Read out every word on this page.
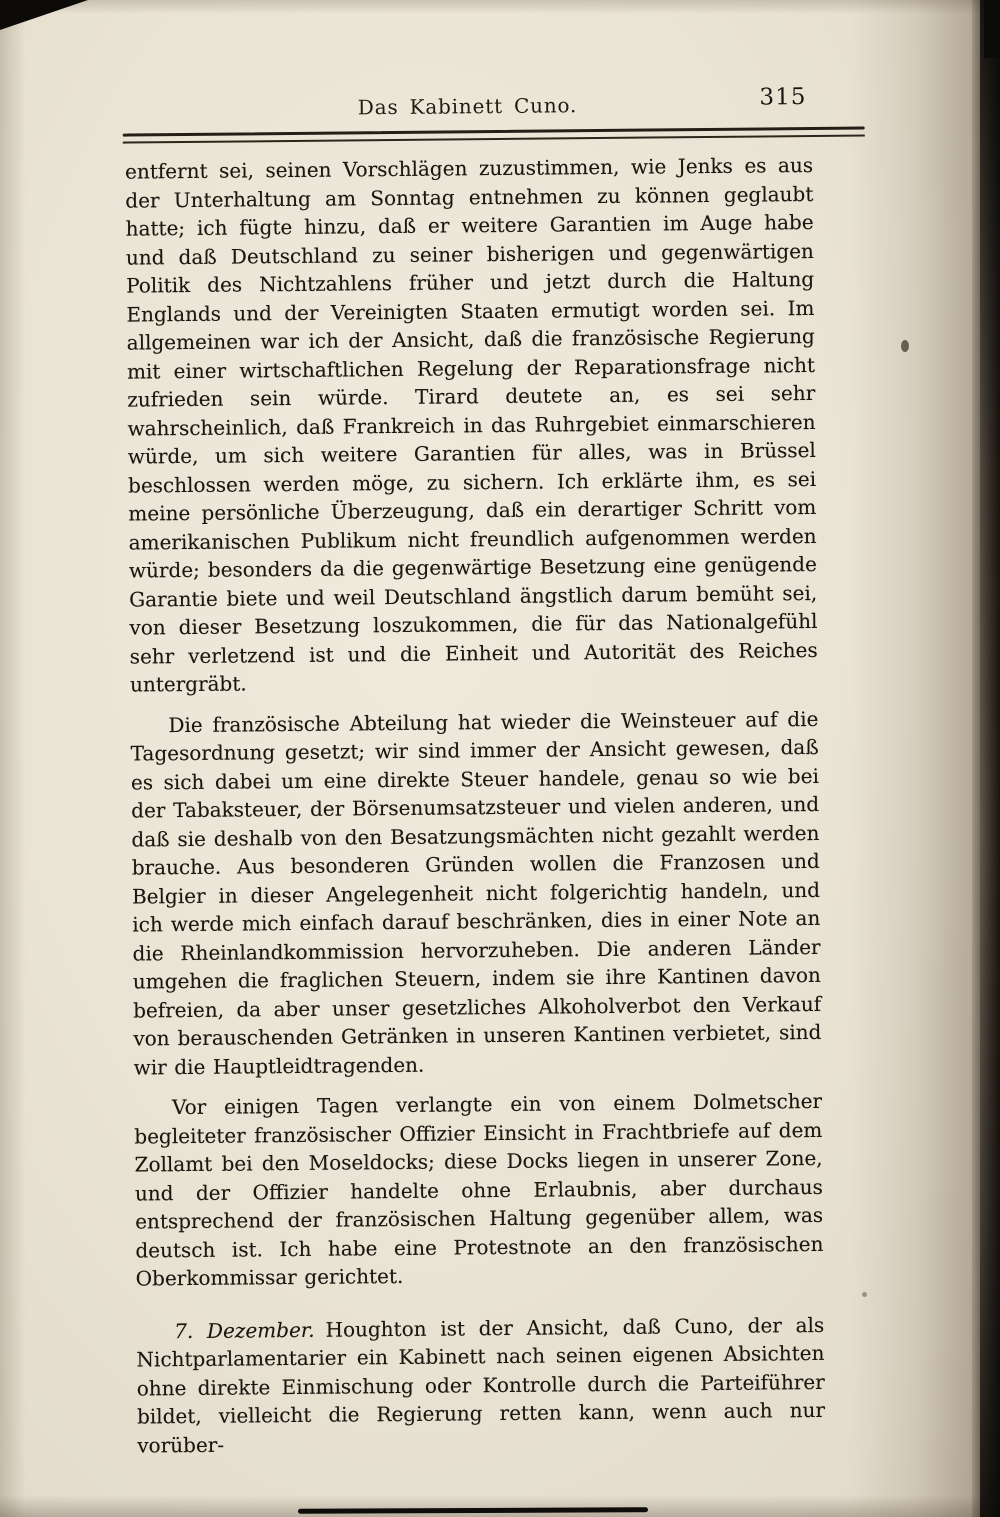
Das Kabinett Cuno.	315

entfernt sei, seinen Vorschlägen zuzustimmen, wie Jenks es aus der Unterhaltung am Sonntag entnehmen zu können geglaubt hatte; ich fügte hinzu, daß er weitere Garantien im Auge habe und daß Deutschland zu seiner bisherigen und gegenwärtigen Politik des Nichtzahlens früher und jetzt durch die Haltung Englands und der Vereinigten Staaten ermutigt worden sei. Im allgemeinen war ich der Ansicht, daß die französische Regierung mit einer wirtschaftlichen Regelung der Reparationsfrage nicht zufrieden sein würde. Tirard deutete an, es sei sehr wahrscheinlich, daß Frankreich in das Ruhrgebiet einmarschieren würde, um sich weitere Garantien für alles, was in Brüssel beschlossen werden möge, zu sichern. Ich erklärte ihm, es sei meine persönliche Überzeugung, daß ein derartiger Schritt vom amerikanischen Publikum nicht freundlich aufgenommen werden würde; besonders da die gegenwärtige Besetzung eine genügende Garantie biete und weil Deutschland ängstlich darum bemüht sei, von dieser Besetzung loszukommen, die für das Nationalgefühl sehr verletzend ist und die Einheit und Autorität des Reiches untergräbt.

Die französische Abteilung hat wieder die Weinsteuer auf die Tagesordnung gesetzt; wir sind immer der Ansicht gewesen, daß es sich dabei um eine direkte Steuer handele, genau so wie bei der Tabaksteuer, der Börsenumsatzsteuer und vielen anderen, und daß sie deshalb von den Besatzungsmächten nicht gezahlt werden brauche. Aus besonderen Gründen wollen die Franzosen und Belgier in dieser Angelegenheit nicht folgerichtig handeln, und ich werde mich einfach darauf beschränken, dies in einer Note an die Rheinlandkommission hervorzuheben. Die anderen Länder umgehen die fraglichen Steuern, indem sie ihre Kantinen davon befreien, da aber unser gesetzliches Alkoholverbot den Verkauf von berauschenden Getränken in unseren Kantinen verbietet, sind wir die Hauptleidtragenden.

Vor einigen Tagen verlangte ein von einem Dolmetscher begleiteter französischer Offizier Einsicht in Frachtbriefe auf dem Zollamt bei den Moseldocks; diese Docks liegen in unserer Zone, und der Offizier handelte ohne Erlaubnis, aber durchaus entsprechend der französischen Haltung gegenüber allem, was deutsch ist. Ich habe eine Protestnote an den französischen Oberkommissar gerichtet.

7. Dezember. Houghton ist der Ansicht, daß Cuno, der als Nichtparlamentarier ein Kabinett nach seinen eigenen Absichten ohne direkte Einmischung oder Kontrolle durch die Parteiführer bildet, vielleicht die Regierung retten kann, wenn auch nur vorüber-
